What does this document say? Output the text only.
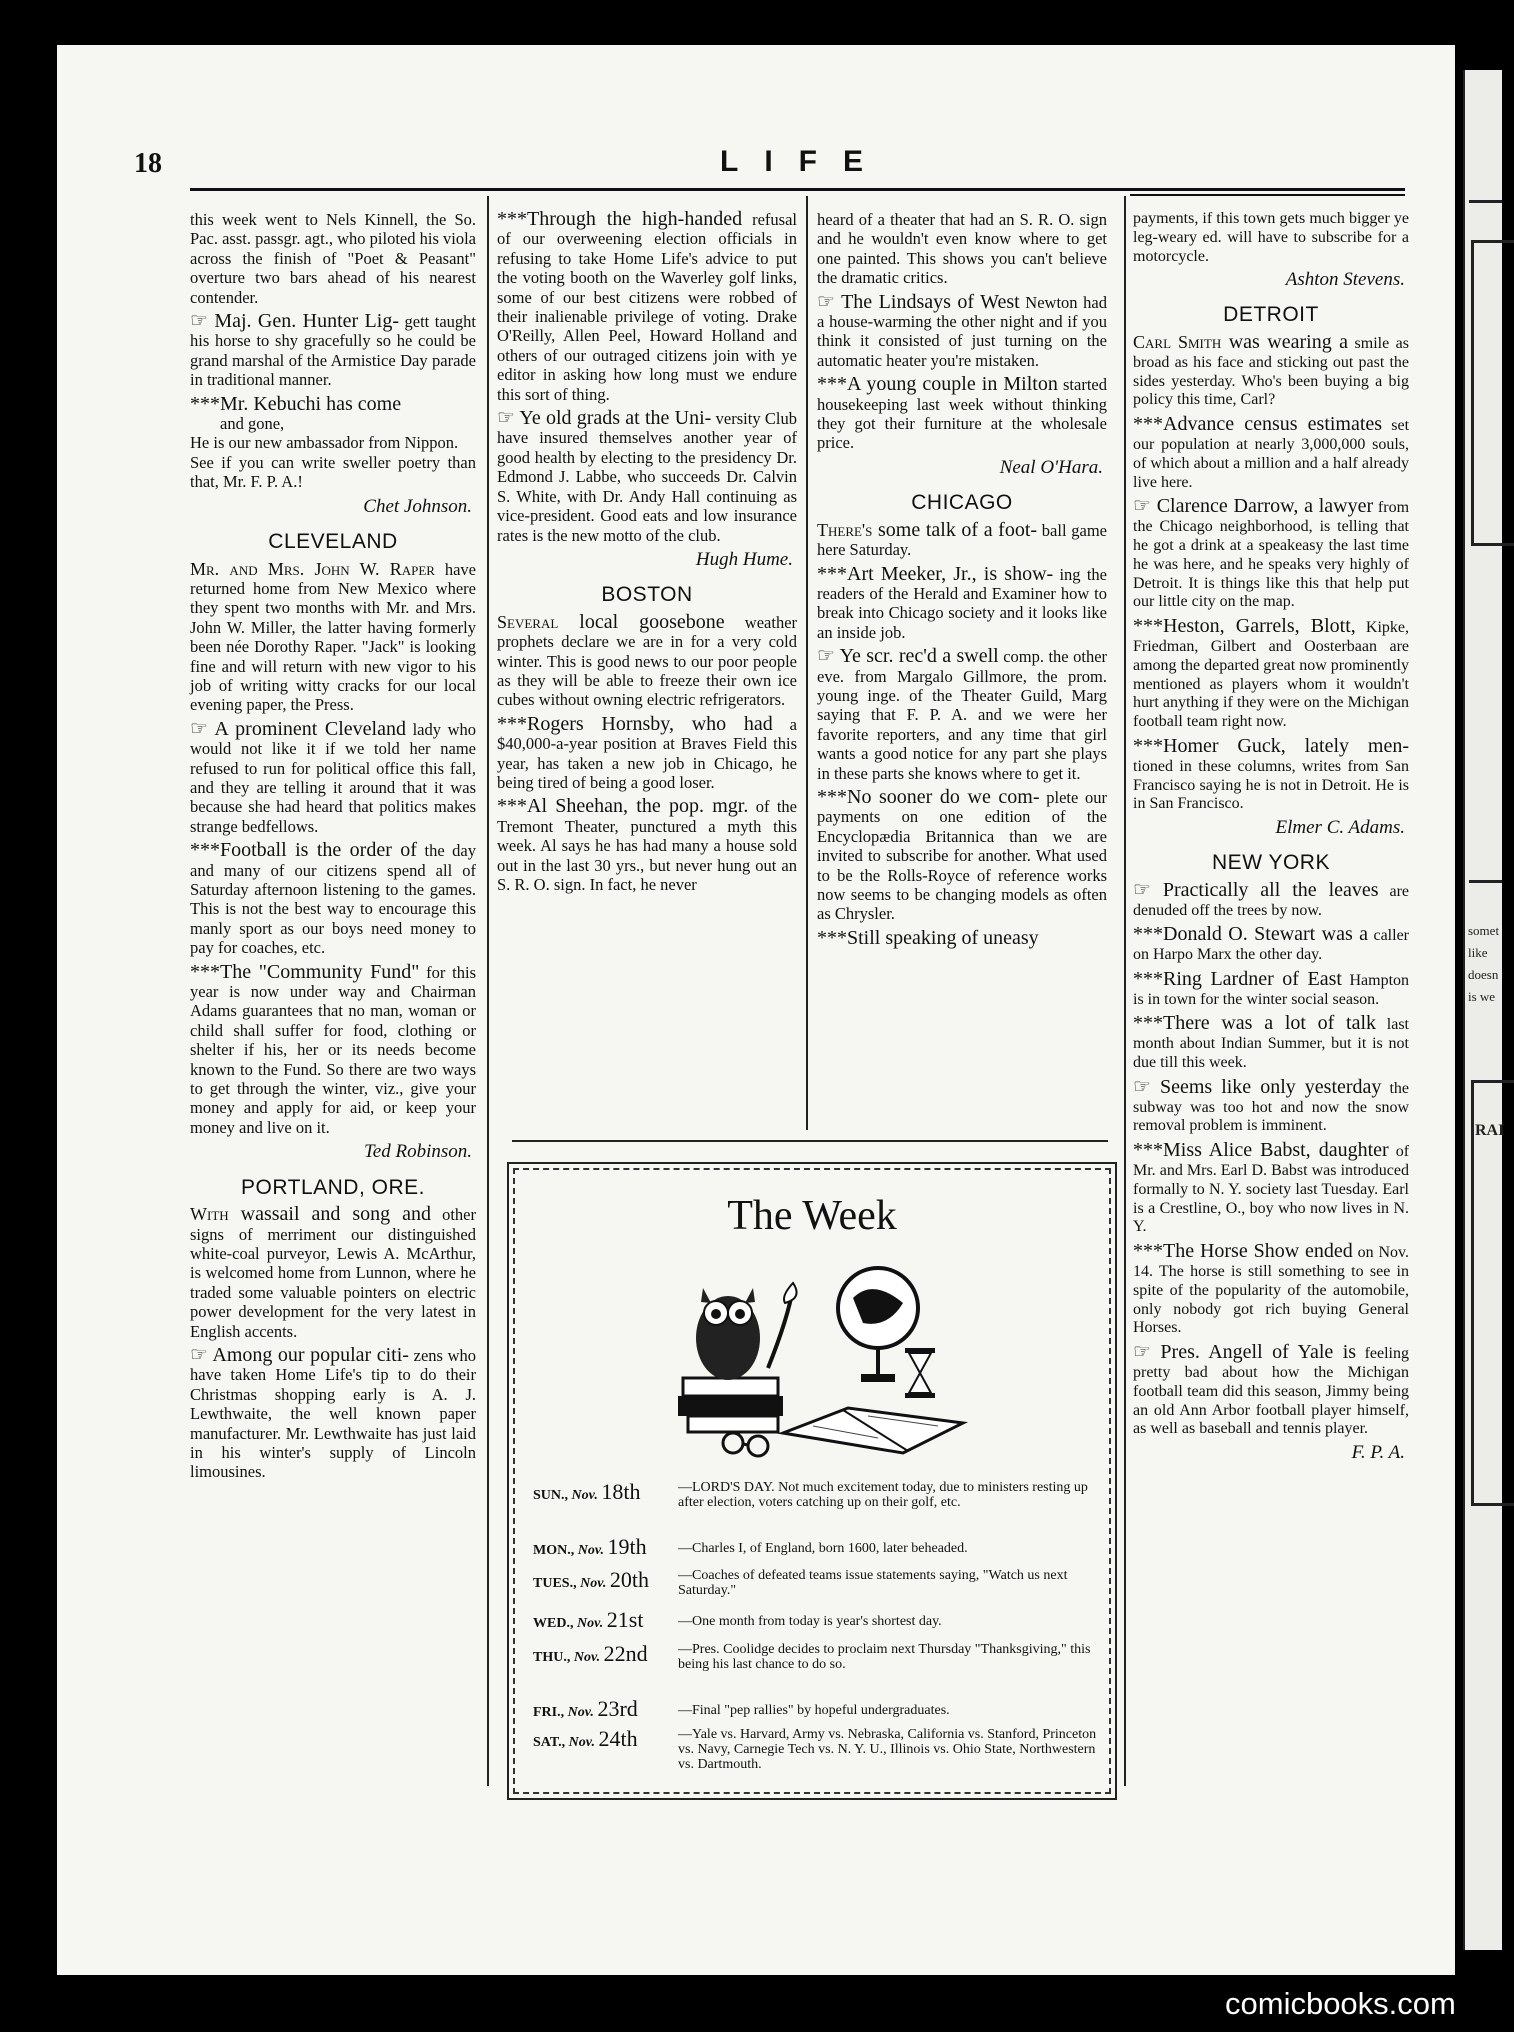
somet
like
doesn
is we
RAI
18	LIFE

this week went to Nels Kinnell, the So. Pac. asst. passgr. agt., who piloted his viola across the finish of "Poet & Peasant" overture two bars ahead of his nearest contender.

☞ Maj. Gen. Hunter Lig- gett taught his horse to shy gracefully so he could be grand marshal of the Armistice Day parade in traditional manner.

***Mr. Kebuchi has come
and gone,
He is our new ambassador from Nippon.
See if you can write sweller poetry than that, Mr. F. P. A.!

Chet Johnson.
CLEVELAND

Mr. and Mrs. John W. Raper have returned home from New Mexico where they spent two months with Mr. and Mrs. John W. Miller, the latter having formerly been née Dorothy Raper. "Jack" is looking fine and will return with new vigor to his job of writing witty cracks for our local evening paper, the Press.

☞ A prominent Cleveland lady who would not like it if we told her name refused to run for political office this fall, and they are telling it around that it was because she had heard that politics makes strange bedfellows.

***Football is the order of the day and many of our citizens spend all of Saturday afternoon listening to the games. This is not the best way to encourage this manly sport as our boys need money to pay for coaches, etc.

***The "Community Fund" for this year is now under way and Chairman Adams guarantees that no man, woman or child shall suffer for food, clothing or shelter if his, her or its needs become known to the Fund. So there are two ways to get through the winter, viz., give your money and apply for aid, or keep your money and live on it.

Ted Robinson.
PORTLAND, ORE.

With wassail and song and other signs of merriment our distinguished white-coal purveyor, Lewis A. McArthur, is welcomed home from Lunnon, where he traded some valuable pointers on electric power development for the very latest in English accents.

☞ Among our popular citi- zens who have taken Home Life's tip to do their Christmas shopping early is A. J. Lewthwaite, the well known paper manufacturer. Mr. Lewthwaite has just laid in his winter's supply of Lincoln limousines.

***Through the high-handed refusal of our overweening election officials in refusing to take Home Life's advice to put the voting booth on the Waverley golf links, some of our best citizens were robbed of their inalienable privilege of voting. Drake O'Reilly, Allen Peel, Howard Holland and others of our outraged citizens join with ye editor in asking how long must we endure this sort of thing.

☞ Ye old grads at the Uni- versity Club have insured themselves another year of good health by electing to the presidency Dr. Edmond J. Labbe, who succeeds Dr. Calvin S. White, with Dr. Andy Hall continuing as vice-president. Good eats and low insurance rates is the new motto of the club.

Hugh Hume.
BOSTON

Several local goosebone weather prophets declare we are in for a very cold winter. This is good news to our poor people as they will be able to freeze their own ice cubes without owning electric refrigerators.

***Rogers Hornsby, who had a $40,000-a-year position at Braves Field this year, has taken a new job in Chicago, he being tired of being a good loser.

***Al Sheehan, the pop. mgr. of the Tremont Theater, punctured a myth this week. Al says he has had many a house sold out in the last 30 yrs., but never hung out an S. R. O. sign. In fact, he never

heard of a theater that had an S. R. O. sign and he wouldn't even know where to get one painted. This shows you can't believe the dramatic critics.

☞ The Lindsays of West Newton had a house-warming the other night and if you think it consisted of just turning on the automatic heater you're mistaken.

***A young couple in Milton started housekeeping last week without thinking they got their furniture at the wholesale price.

Neal O'Hara.
CHICAGO

There's some talk of a foot- ball game here Saturday.

***Art Meeker, Jr., is show- ing the readers of the Herald and Examiner how to break into Chicago society and it looks like an inside job.

☞ Ye scr. rec'd a swell comp. the other eve. from Margalo Gillmore, the prom. young inge. of the Theater Guild, Marg saying that F. P. A. and we were her favorite reporters, and any time that girl wants a good notice for any part she plays in these parts she knows where to get it.

***No sooner do we com- plete our payments on one edition of the Encyclopædia Britannica than we are invited to subscribe for another. What used to be the Rolls-Royce of reference works now seems to be changing models as often as Chrysler.

***Still speaking of uneasy

payments, if this town gets much bigger ye leg-weary ed. will have to subscribe for a motorcycle.

Ashton Stevens.
DETROIT

Carl Smith was wearing a smile as broad as his face and sticking out past the sides yesterday. Who's been buying a big policy this time, Carl?

***Advance census estimates set our population at nearly 3,000,000 souls, of which about a million and a half already live here.

☞ Clarence Darrow, a lawyer from the Chicago neighborhood, is telling that he got a drink at a speakeasy the last time he was here, and he speaks very highly of Detroit. It is things like this that help put our little city on the map.

***Heston, Garrels, Blott, Kipke, Friedman, Gilbert and Oosterbaan are among the departed great now prominently mentioned as players whom it wouldn't hurt anything if they were on the Michigan football team right now.

***Homer Guck, lately men- tioned in these columns, writes from San Francisco saying he is not in Detroit. He is in San Francisco.

Elmer C. Adams.
NEW YORK

☞ Practically all the leaves are denuded off the trees by now.

***Donald O. Stewart was a caller on Harpo Marx the other day.

***Ring Lardner of East Hampton is in town for the winter social season.

***There was a lot of talk last month about Indian Summer, but it is not due till this week.

☞ Seems like only yesterday the subway was too hot and now the snow removal problem is imminent.

***Miss Alice Babst, daughter of Mr. and Mrs. Earl D. Babst was introduced formally to N. Y. society last Tuesday. Earl is a Crestline, O., boy who now lives in N. Y.

***The Horse Show ended on Nov. 14. The horse is still something to see in spite of the popularity of the automobile, only nobody got rich buying General Horses.

☞ Pres. Angell of Yale is feeling pretty bad about how the Michigan football team did this season, Jimmy being an old Ann Arbor football player himself, as well as baseball and tennis player.

F. P. A.
The Week
SUN., Nov. 18th	—LORD'S DAY. Not much excitement today, due to ministers resting up after election, voters catching up on their golf, etc.
MON., Nov. 19th	—Charles I, of England, born 1600, later beheaded.
TUES., Nov. 20th	—Coaches of defeated teams issue statements saying, "Watch us next Saturday."
WED., Nov. 21st	—One month from today is year's shortest day.
THU., Nov. 22nd	—Pres. Coolidge decides to proclaim next Thursday "Thanksgiving," this being his last chance to do so.
FRI., Nov. 23rd	—Final "pep rallies" by hopeful undergraduates.
SAT., Nov. 24th	—Yale vs. Harvard, Army vs. Nebraska, California vs. Stanford, Princeton vs. Navy, Carnegie Tech vs. N. Y. U., Illinois vs. Ohio State, Northwestern vs. Dartmouth.
comicbooks.com
